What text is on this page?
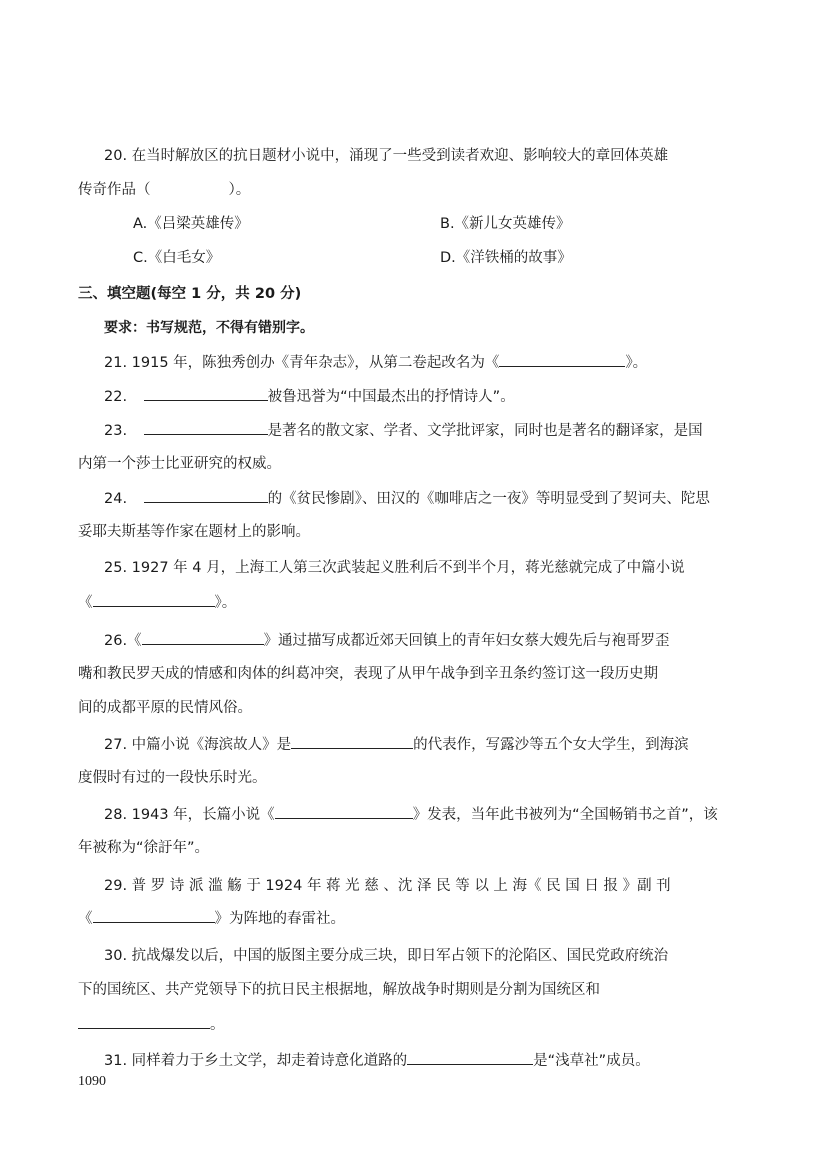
20. 在当时解放区的抗日题材小说中，涌现了一些受到读者欢迎、影响较大的章回体英雄
传奇作品（	）。
A.《吕梁英雄传》	B.《新儿女英雄传》
C.《白毛女》	D.《洋铁桶的故事》
三、填空题(每空 1 分，共 20 分)
要求：书写规范，不得有错别字。
21. 1915 年，陈独秀创办《青年杂志》，从第二卷起改名为《	》。
22.	被鲁迅誉为“中国最杰出的抒情诗人”。
23.	是著名的散文家、学者、文学批评家，同时也是著名的翻译家，是国
内第一个莎士比亚研究的权威。
24.	的《贫民惨剧》、田汉的《咖啡店之一夜》等明显受到了契诃夫、陀思
妥耶夫斯基等作家在题材上的影响。
25. 1927 年 4 月，上海工人第三次武装起义胜利后不到半个月，蒋光慈就完成了中篇小说
《	》。
26.《	》通过描写成都近郊天回镇上的青年妇女蔡大嫂先后与袍哥罗歪
嘴和教民罗天成的情感和肉体的纠葛冲突，表现了从甲午战争到辛丑条约签订这一段历史期
间的成都平原的民情风俗。
27. 中篇小说《海滨故人》是	的代表作，写露沙等五个女大学生，到海滨
度假时有过的一段快乐时光。
28. 1943 年，长篇小说《	》发表，当年此书被列为“全国畅销书之首”，该
年被称为“徐訏年”。
29. 普 罗 诗 派 滥 觞 于 1924 年 蒋 光 慈 、沈 泽 民 等 以 上 海《 民 国 日 报 》副 刊
《	》为阵地的春雷社。
30. 抗战爆发以后，中国的版图主要分成三块，即日军占领下的沦陷区、国民党政府统治
下的国统区、共产党领导下的抗日民主根据地，解放战争时期则是分割为国统区和
。
31. 同样着力于乡土文学，却走着诗意化道路的	是“浅草社”成员。
1090
